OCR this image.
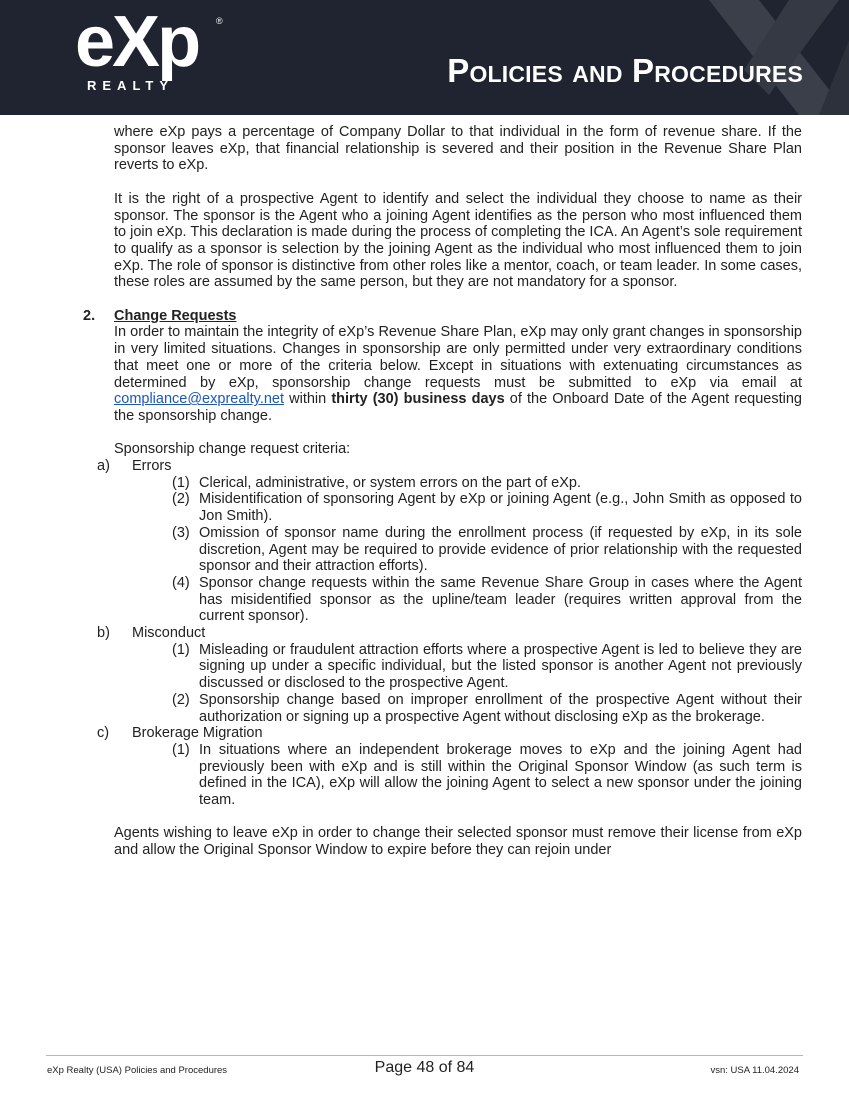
eXp
REALTY
®
Policies and Procedures

where eXp pays a percentage of Company Dollar to that individual in the form of revenue share. If the sponsor leaves eXp, that financial relationship is severed and their position in the Revenue Share Plan reverts to eXp.

It is the right of a prospective Agent to identify and select the individual they choose to name as their sponsor. The sponsor is the Agent who a joining Agent identifies as the person who most influenced them to join eXp. This declaration is made during the process of completing the ICA. An Agent’s sole requirement to qualify as a sponsor is selection by the joining Agent as the individual who most influenced them to join eXp. The role of sponsor is distinctive from other roles like a mentor, coach, or team leader. In some cases, these roles are assumed by the same person, but they are not mandatory for a sponsor.

2. Change Requests

In order to maintain the integrity of eXp’s Revenue Share Plan, eXp may only grant changes in sponsorship in very limited situations. Changes in sponsorship are only permitted under very extraordinary conditions that meet one or more of the criteria below. Except in situations with extenuating circumstances as determined by eXp, sponsorship change requests must be submitted to eXp via email at compliance@exprealty.net within thirty (30) business days of the Onboard Date of the Agent requesting the sponsorship change.

Sponsorship change request criteria:

a) Errors
(1) Clerical, administrative, or system errors on the part of eXp.
(2) Misidentification of sponsoring Agent by eXp or joining Agent (e.g., John Smith as opposed to Jon Smith).
(3) Omission of sponsor name during the enrollment process (if requested by eXp, in its sole discretion, Agent may be required to provide evidence of prior relationship with the requested sponsor and their attraction efforts).
(4) Sponsor change requests within the same Revenue Share Group in cases where the Agent has misidentified sponsor as the upline/team leader (requires written approval from the current sponsor).
b) Misconduct
(1) Misleading or fraudulent attraction efforts where a prospective Agent is led to believe they are signing up under a specific individual, but the listed sponsor is another Agent not previously discussed or disclosed to the prospective Agent.
(2) Sponsorship change based on improper enrollment of the prospective Agent without their authorization or signing up a prospective Agent without disclosing eXp as the brokerage.
c) Brokerage Migration
(1) In situations where an independent brokerage moves to eXp and the joining Agent had previously been with eXp and is still within the Original Sponsor Window (as such term is defined in the ICA), eXp will allow the joining Agent to select a new sponsor under the joining team.

Agents wishing to leave eXp in order to change their selected sponsor must remove their license from eXp and allow the Original Sponsor Window to expire before they can rejoin under

eXp Realty (USA) Policies and Procedures	Page 48 of 84	vsn: USA 11.04.2024
